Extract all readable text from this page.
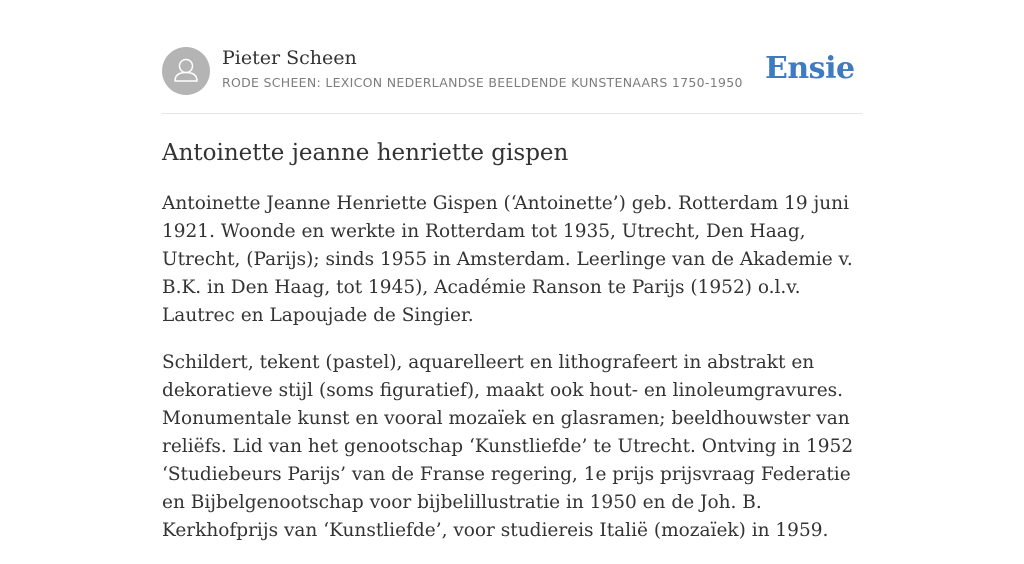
Pieter Scheen
RODE SCHEEN: LEXICON NEDERLANDSE BEELDENDE KUNSTENAARS 1750-1950 Ensie
Antoinette jeanne henriette gispen

Antoinette Jeanne Henriette Gispen (‘Antoinette’) geb. Rotterdam 19 juni 1921. Woonde en werkte in Rotterdam tot 1935, Utrecht, Den Haag, Utrecht, (Parijs); sinds 1955 in Amsterdam. Leerlinge van de Akademie v. B.K. in Den Haag, tot 1945), Académie Ranson te Parijs (1952) o.l.v. Lautrec en Lapoujade de Singier.

Schildert, tekent (pastel), aquarelleert en lithografeert in abstrakt en dekoratieve stijl (soms figuratief), maakt ook hout- en linoleumgravures. Monumentale kunst en vooral mozaïek en glasramen; beeldhouwster van reliëfs. Lid van het genootschap ‘Kunstliefde’ te Utrecht. Ontving in 1952 ‘Studiebeurs Parijs’ van de Franse regering, 1e prijs prijsvraag Federatie en Bijbelgenootschap voor bijbelillustratie in 1950 en de Joh. B. Kerkhofprijs van ‘Kunstliefde’, voor studiereis Italië (mozaïek) in 1959.
